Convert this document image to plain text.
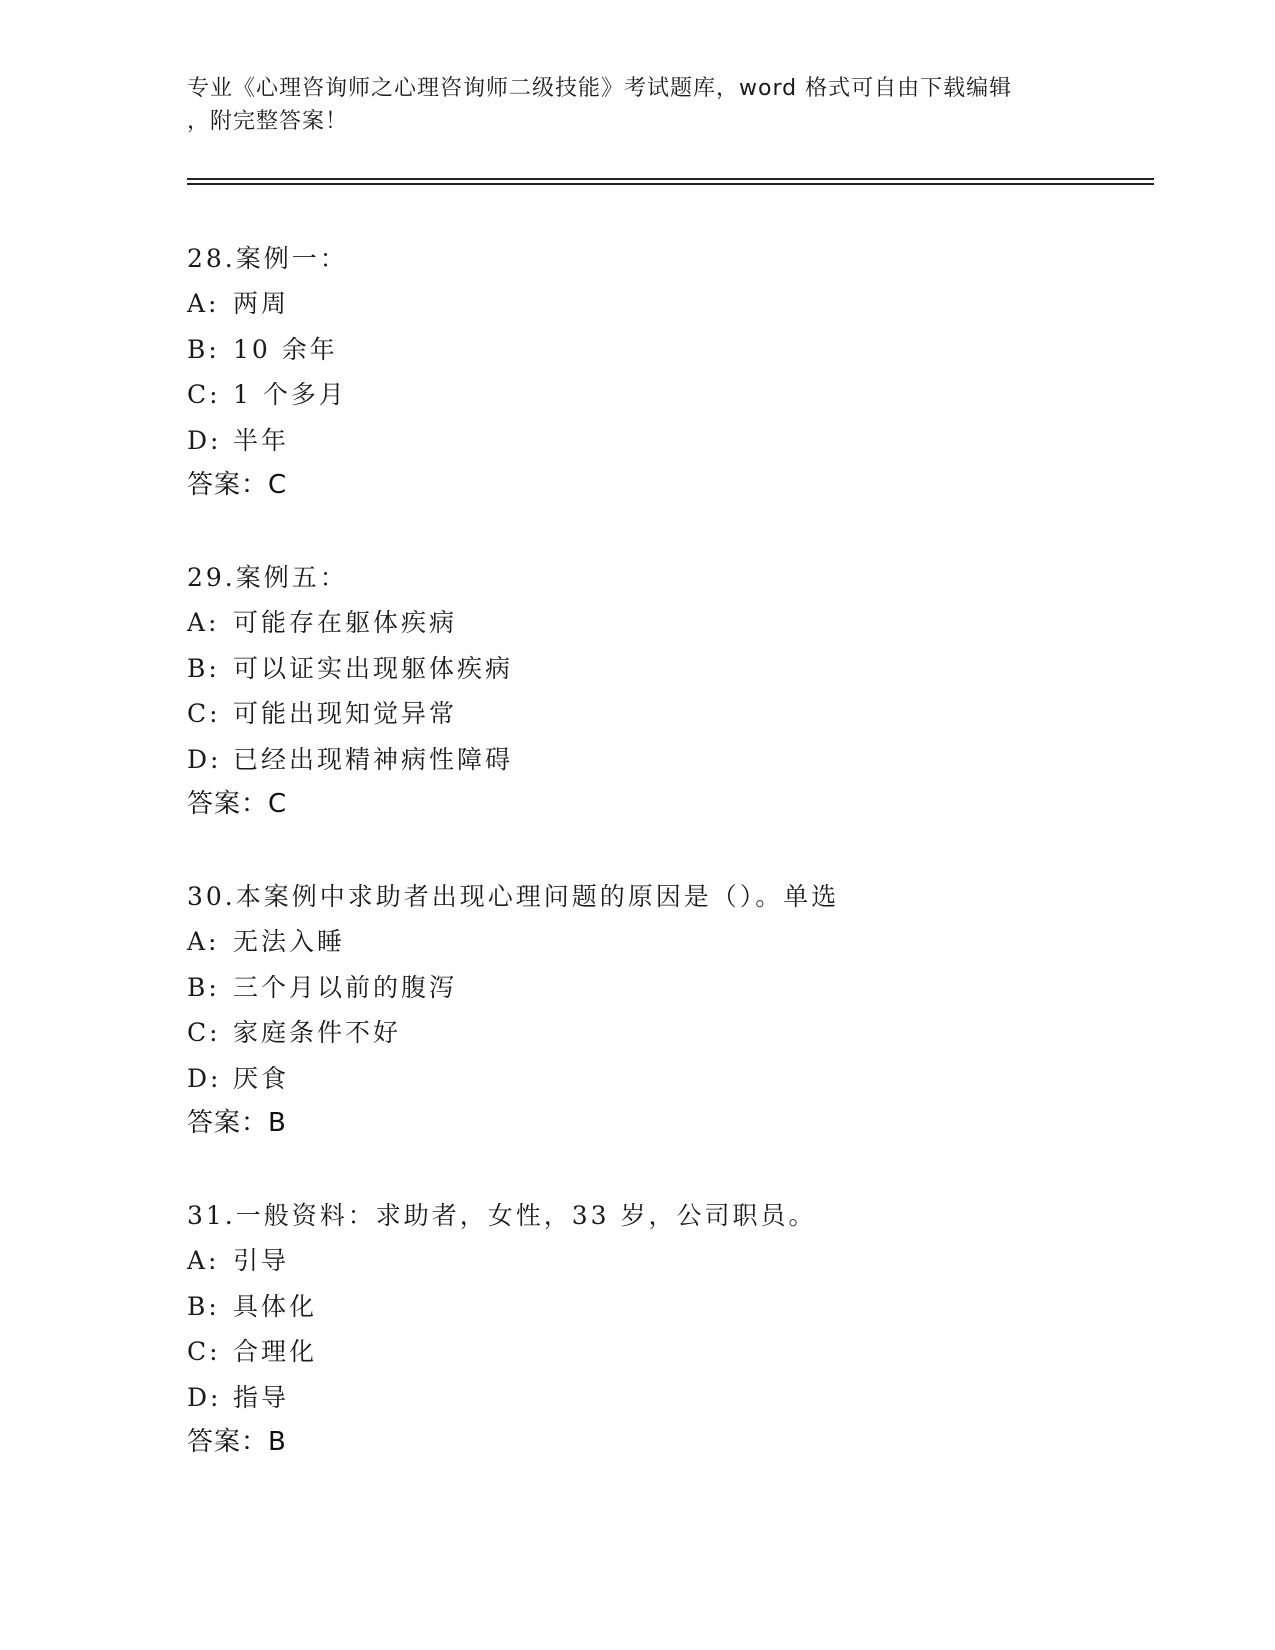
专业《心理咨询师之心理咨询师二级技能》考试题库，word 格式可自由下载编辑
，附完整答案！
28.案例一：
A: 两周
B: 10 余年
C: 1 个多月
D: 半年
答案：C
29.案例五：
A: 可能存在躯体疾病
B: 可以证实出现躯体疾病
C: 可能出现知觉异常
D: 已经出现精神病性障碍
答案：C
30.本案例中求助者出现心理问题的原因是（）。单选
A: 无法入睡
B: 三个月以前的腹泻
C: 家庭条件不好
D: 厌食
答案：B
31.一般资料：求助者，女性，33 岁，公司职员。
A: 引导
B: 具体化
C: 合理化
D: 指导
答案：B
